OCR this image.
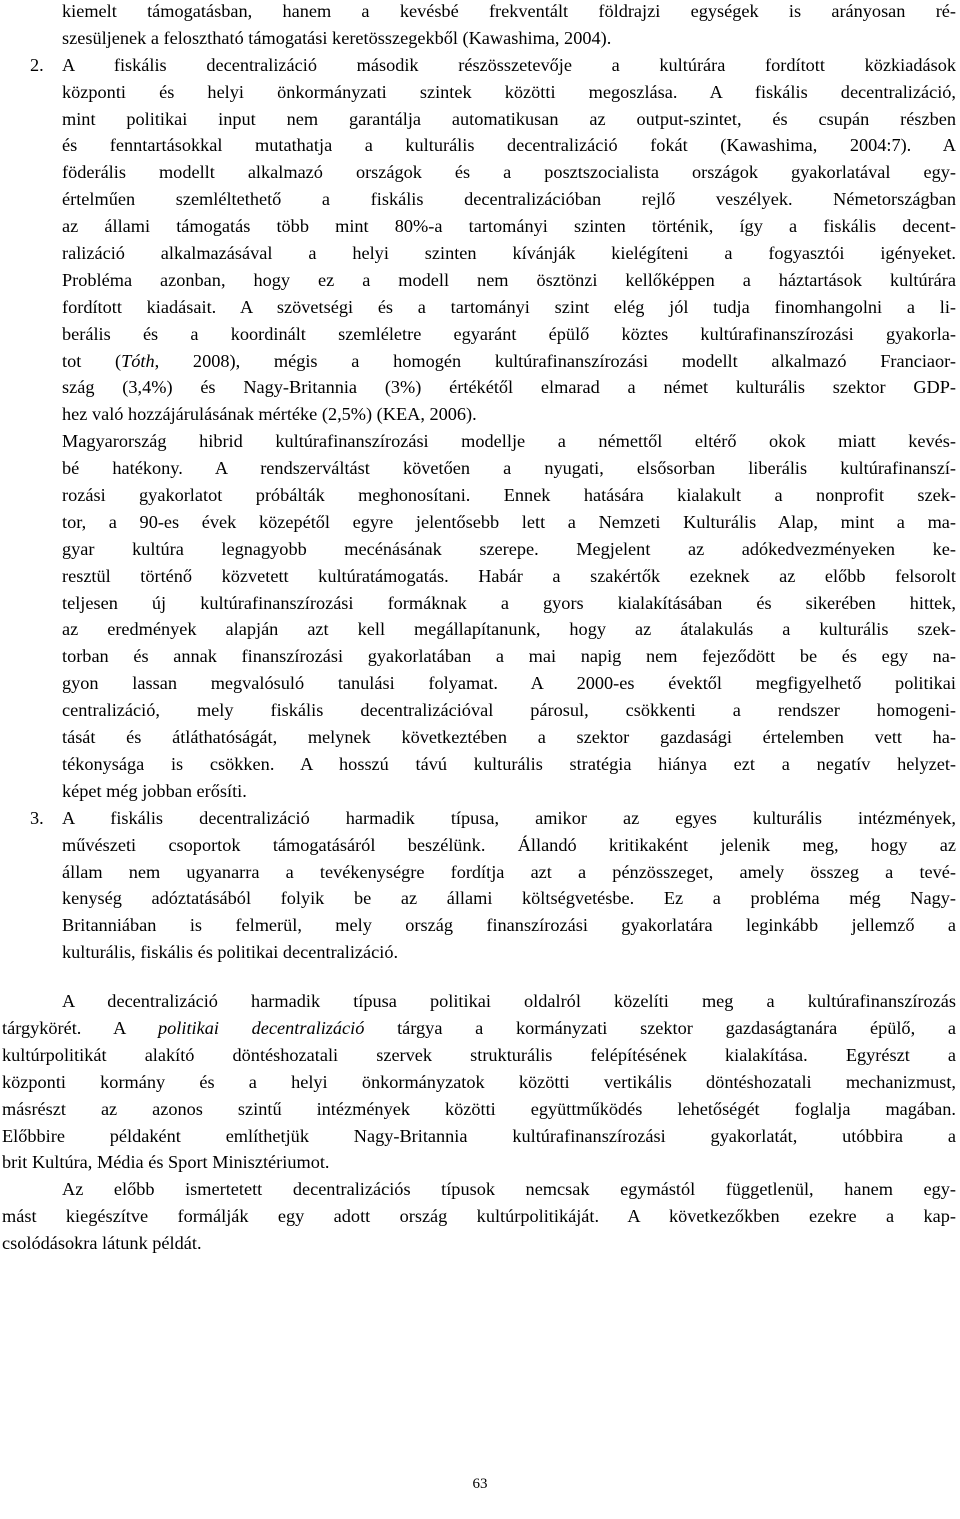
kiemelt támogatásban, hanem a kevésbé frekventált földrajzi egységek is arányosan ré-
szesüljenek a felosztható támogatási keretösszegekből (Kawashima, 2004).
2. A fiskális decentralizáció második részösszetevője a kultúrára fordított közkiadások
központi és helyi önkormányzati szintek közötti megoszlása. A fiskális decentralizáció,
mint politikai input nem garantálja automatikusan az output-szintet, és csupán részben
és fenntartásokkal mutathatja a kulturális decentralizáció fokát (Kawashima, 2004:7). A
föderális modellt alkalmazó országok és a posztszocialista országok gyakorlatával egy-
értelműen szemléltethető a fiskális decentralizációban rejlő veszélyek. Németországban
az állami támogatás több mint 80%-a tartományi szinten történik, így a fiskális decent-
ralizáció alkalmazásával a helyi szinten kívánják kielégíteni a fogyasztói igényeket.
Probléma azonban, hogy ez a modell nem ösztönzi kellőképpen a háztartások kultúrára
fordított kiadásait. A szövetségi és a tartományi szint elég jól tudja finomhangolni a li-
berális és a koordinált szemléletre egyaránt épülő köztes kultúrafinanszírozási gyakorla-
tot (Tóth, 2008), mégis a homogén kultúrafinanszírozási modellt alkalmazó Franciaor-
szág (3,4%) és Nagy-Britannia (3%) értékétől elmarad a német kulturális szektor GDP-
hez való hozzájárulásának mértéke (2,5%) (KEA, 2006).
Magyarország hibrid kultúrafinanszírozási modellje a némettől eltérő okok miatt kevés-
bé hatékony. A rendszerváltást követően a nyugati, elsősorban liberális kultúrafinanszí-
rozási gyakorlatot próbálták meghonosítani. Ennek hatására kialakult a nonprofit szek-
tor, a 90-es évek közepétől egyre jelentősebb lett a Nemzeti Kulturális Alap, mint a ma-
gyar kultúra legnagyobb mecénásának szerepe. Megjelent az adókedvezményeken ke-
resztül történő közvetett kultúratámogatás. Habár a szakértők ezeknek az előbb felsorolt
teljesen új kultúrafinanszírozási formáknak a gyors kialakításában és sikerében hittek,
az eredmények alapján azt kell megállapítanunk, hogy az átalakulás a kulturális szek-
torban és annak finanszírozási gyakorlatában a mai napig nem fejeződött be és egy na-
gyon lassan megvalósuló tanulási folyamat. A 2000-es évektől megfigyelhető politikai
centralizáció, mely fiskális decentralizációval párosul, csökkenti a rendszer homogeni-
tását és átláthatóságát, melynek következtében a szektor gazdasági értelemben vett ha-
tékonysága is csökken. A hosszú távú kulturális stratégia hiánya ezt a negatív helyzet-
képet még jobban erősíti.
3. A fiskális decentralizáció harmadik típusa, amikor az egyes kulturális intézmények,
művészeti csoportok támogatásáról beszélünk. Állandó kritikaként jelenik meg, hogy az
állam nem ugyanarra a tevékenységre fordítja azt a pénzösszeget, amely összeg a tevé-
kenység adóztatásából folyik be az állami költségvetésbe. Ez a probléma még Nagy-
Britanniában is felmerül, mely ország finanszírozási gyakorlatára leginkább jellemző a
kulturális, fiskális és politikai decentralizáció.
A decentralizáció harmadik típusa politikai oldalról közelíti meg a kultúrafinanszírozás
tárgykörét. A politikai decentralizáció tárgya a kormányzati szektor gazdaságtanára épülő, a
kultúrpolitikát alakító döntéshozatali szervek strukturális felépítésének kialakítása. Egyrészt a
központi kormány és a helyi önkormányzatok közötti vertikális döntéshozatali mechanizmust,
másrészt az azonos szintű intézmények közötti együttműködés lehetőségét foglalja magában.
Előbbire példaként említhetjük Nagy-Britannia kultúrafinanszírozási gyakorlatát, utóbbira a
brit Kultúra, Média és Sport Minisztériumot.
Az előbb ismertetett decentralizációs típusok nemcsak egymástól függetlenül, hanem egy-
mást kiegészítve formálják egy adott ország kultúrpolitikáját. A következőkben ezekre a kap-
csolódásokra látunk példát.
63
